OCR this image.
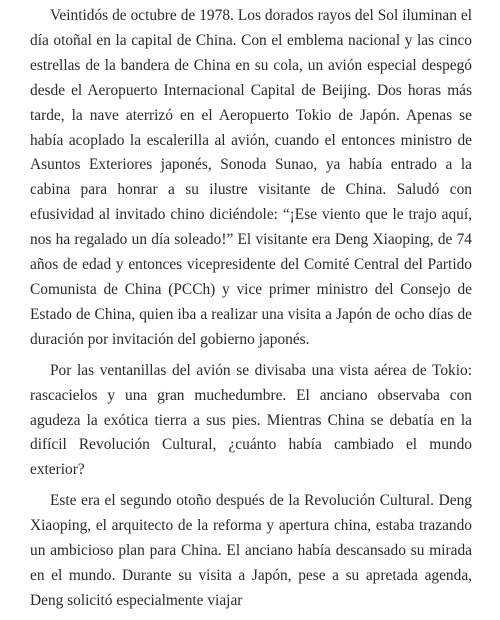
Veintidós de octubre de 1978. Los dorados rayos del Sol iluminan el día otoñal en la capital de China. Con el emblema nacional y las cinco estrellas de la bandera de China en su cola, un avión especial despegó desde el Aeropuerto Internacional Capital de Beijing. Dos horas más tarde, la nave aterrizó en el Aeropuerto Tokio de Japón. Apenas se había acoplado la escalerilla al avión, cuando el entonces ministro de Asuntos Exteriores japonés, Sonoda Sunao, ya había entrado a la cabina para honrar a su ilustre visitante de China. Saludó con efusividad al invitado chino diciéndole: “¡Ese viento que le trajo aquí, nos ha regalado un día soleado!” El visitante era Deng Xiaoping, de 74 años de edad y entonces vicepresidente del Comité Central del Partido Comunista de China (PCCh) y vice primer ministro del Consejo de Estado de China, quien iba a realizar una visita a Japón de ocho días de duración por invitación del gobierno japonés.

Por las ventanillas del avión se divisaba una vista aérea de Tokio: rascacielos y una gran muchedumbre. El anciano observaba con agudeza la exótica tierra a sus pies. Mientras China se debatía en la difícil Revolución Cultural, ¿cuánto había cambiado el mundo exterior?

Este era el segundo otoño después de la Revolución Cultural. Deng Xiaoping, el arquitecto de la reforma y apertura china, estaba trazando un ambicioso plan para China. El anciano había descansado su mirada en el mundo. Durante su visita a Japón, pese a su apretada agenda, Deng solicitó especialmente viajar
